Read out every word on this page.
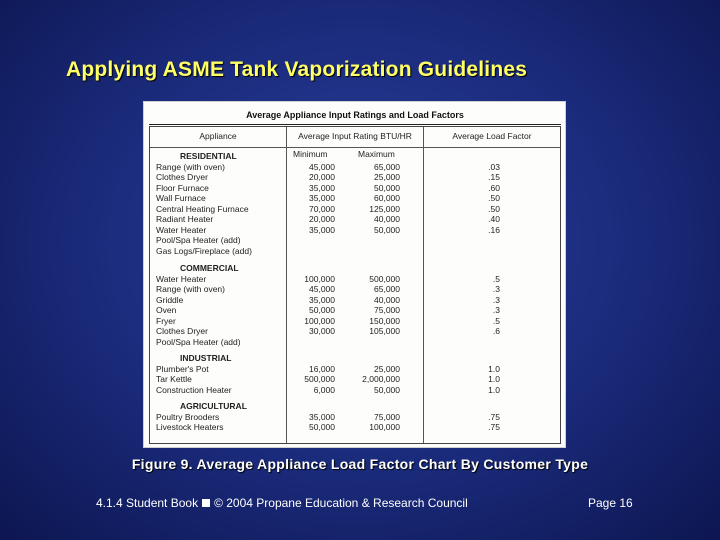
Applying ASME Tank Vaporization Guidelines
Average Appliance Input Ratings and Load Factors
Appliance	Average Input Rating BTU/HR	Average Load Factor
Minimum	Maximum
RESIDENTIAL
Range (with oven)	45,000	65,000	.03
Clothes Dryer	20,000	25,000	.15
Floor Furnace	35,000	50,000	.60
Wall Furnace	35,000	60,000	.50
Central Heating Furnace	70,000	125,000	.50
Radiant Heater	20,000	40,000	.40
Water Heater	35,000	50,000	.16
Pool/Spa Heater (add)
Gas Logs/Fireplace (add)
COMMERCIAL
Water Heater	100,000	500,000	.5
Range (with oven)	45,000	65,000	.3
Griddle	35,000	40,000	.3
Oven	50,000	75,000	.3
Fryer	100,000	150,000	.5
Clothes Dryer	30,000	105,000	.6
Pool/Spa Heater (add)
INDUSTRIAL
Plumber's Pot	16,000	25,000	1.0
Tar Kettle	500,000	2,000,000	1.0
Construction Heater	6,000	50,000	1.0
AGRICULTURAL
Poultry Brooders	35,000	75,000	.75
Livestock Heaters	50,000	100,000	.75
Figure 9. Average Appliance Load Factor Chart By Customer Type
4.1.4 Student Book © 2004 Propane Education & Research Council	Page 16
